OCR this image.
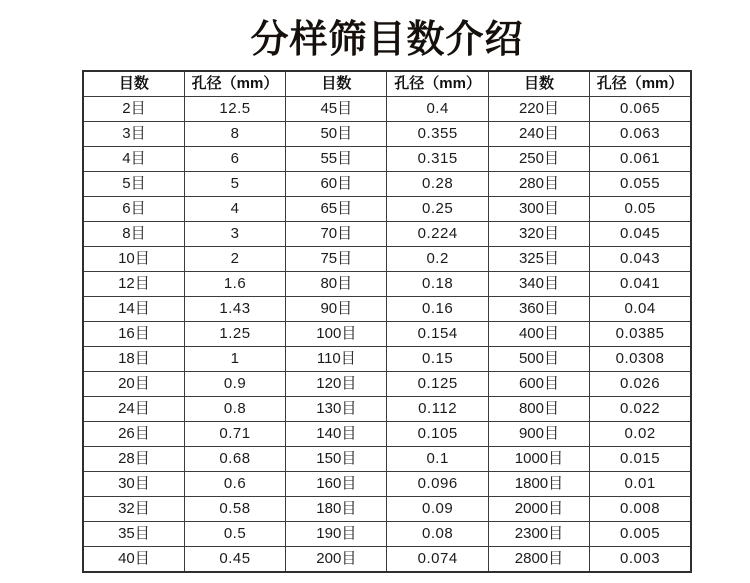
分样筛目数介绍
目数	孔径（mm）	目数	孔径（mm）	目数	孔径（mm）
2目	12.5	45目	0.4	220目	0.065
3目	8	50目	0.355	240目	0.063
4目	6	55目	0.315	250目	0.061
5目	5	60目	0.28	280目	0.055
6目	4	65目	0.25	300目	0.05
8目	3	70目	0.224	320目	0.045
10目	2	75目	0.2	325目	0.043
12目	1.6	80目	0.18	340目	0.041
14目	1.43	90目	0.16	360目	0.04
16目	1.25	100目	0.154	400目	0.0385
18目	1	110目	0.15	500目	0.0308
20目	0.9	120目	0.125	600目	0.026
24目	0.8	130目	0.112	800目	0.022
26目	0.71	140目	0.105	900目	0.02
28目	0.68	150目	0.1	1000目	0.015
30目	0.6	160目	0.096	1800目	0.01
32目	0.58	180目	0.09	2000目	0.008
35目	0.5	190目	0.08	2300目	0.005
40目	0.45	200目	0.074	2800目	0.003
